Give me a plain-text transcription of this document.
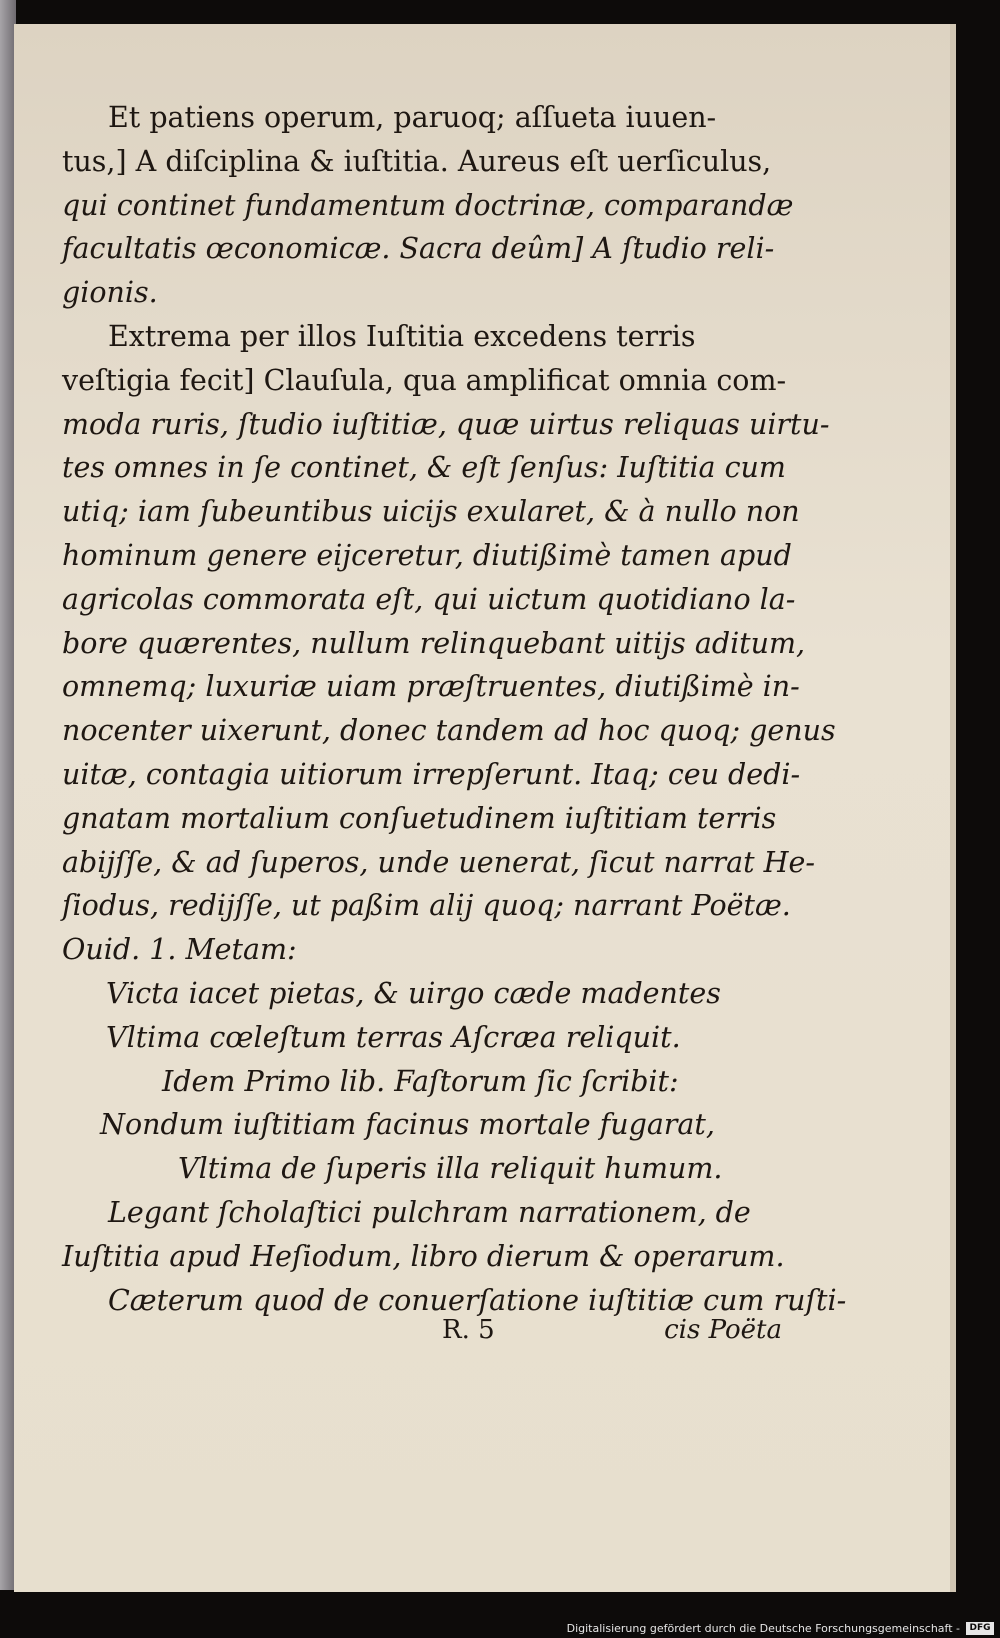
Et patiens operum, paruoq; aſſueta iuuen-
tus,] A diſciplina & iuſtitia. Aureus eſt uerſiculus,
qui continet fundamentum doctrinæ, comparandæ
facultatis œconomicæ. Sacra deûm] A ſtudio reli-
gionis.
Extrema per illos Iuſtitia excedens terris
veſtigia fecit] Clauſula, qua amplificat omnia com-
moda ruris, ſtudio iuſtitiæ, quæ uirtus reliquas uirtu-
tes omnes in ſe continet, & eſt ſenſus: Iuſtitia cum
utiq; iam ſubeuntibus uicijs exularet, & à nullo non
hominum genere eijceretur, diutißimè tamen apud
agricolas commorata eſt, qui uictum quotidiano la-
bore quærentes, nullum relinquebant uitijs aditum,
omnemq; luxuriæ uiam præſtruentes, diutißimè in-
nocenter uixerunt, donec tandem ad hoc quoq; genus
uitæ, contagia uitiorum irrepſerunt. Itaq; ceu dedi-
gnatam mortalium conſuetudinem iuſtitiam terris
abijſſe, & ad ſuperos, unde uenerat, ſicut narrat He-
ſiodus, redijſſe, ut paßim alij quoq; narrant Poëtæ.
Ouid. 1. Metam:
Victa iacet pietas, & uirgo cæde madentes
Vltima cœleſtum terras Aſcræa reliquit.
Idem Primo lib. Faſtorum ſic ſcribit:
Nondum iuſtitiam facinus mortale fugarat,
Vltima de ſuperis illa reliquit humum.
Legant ſcholaſtici pulchram narrationem, de
Iuſtitia apud Heſiodum, libro dierum & operarum.
Cæterum quod de conuerſatione iuſtitiæ cum ruſti-
R. 5	cis Poëta
Digitalisierung gefördert durch die Deutsche Forschungsgemeinschaft -	DFG
